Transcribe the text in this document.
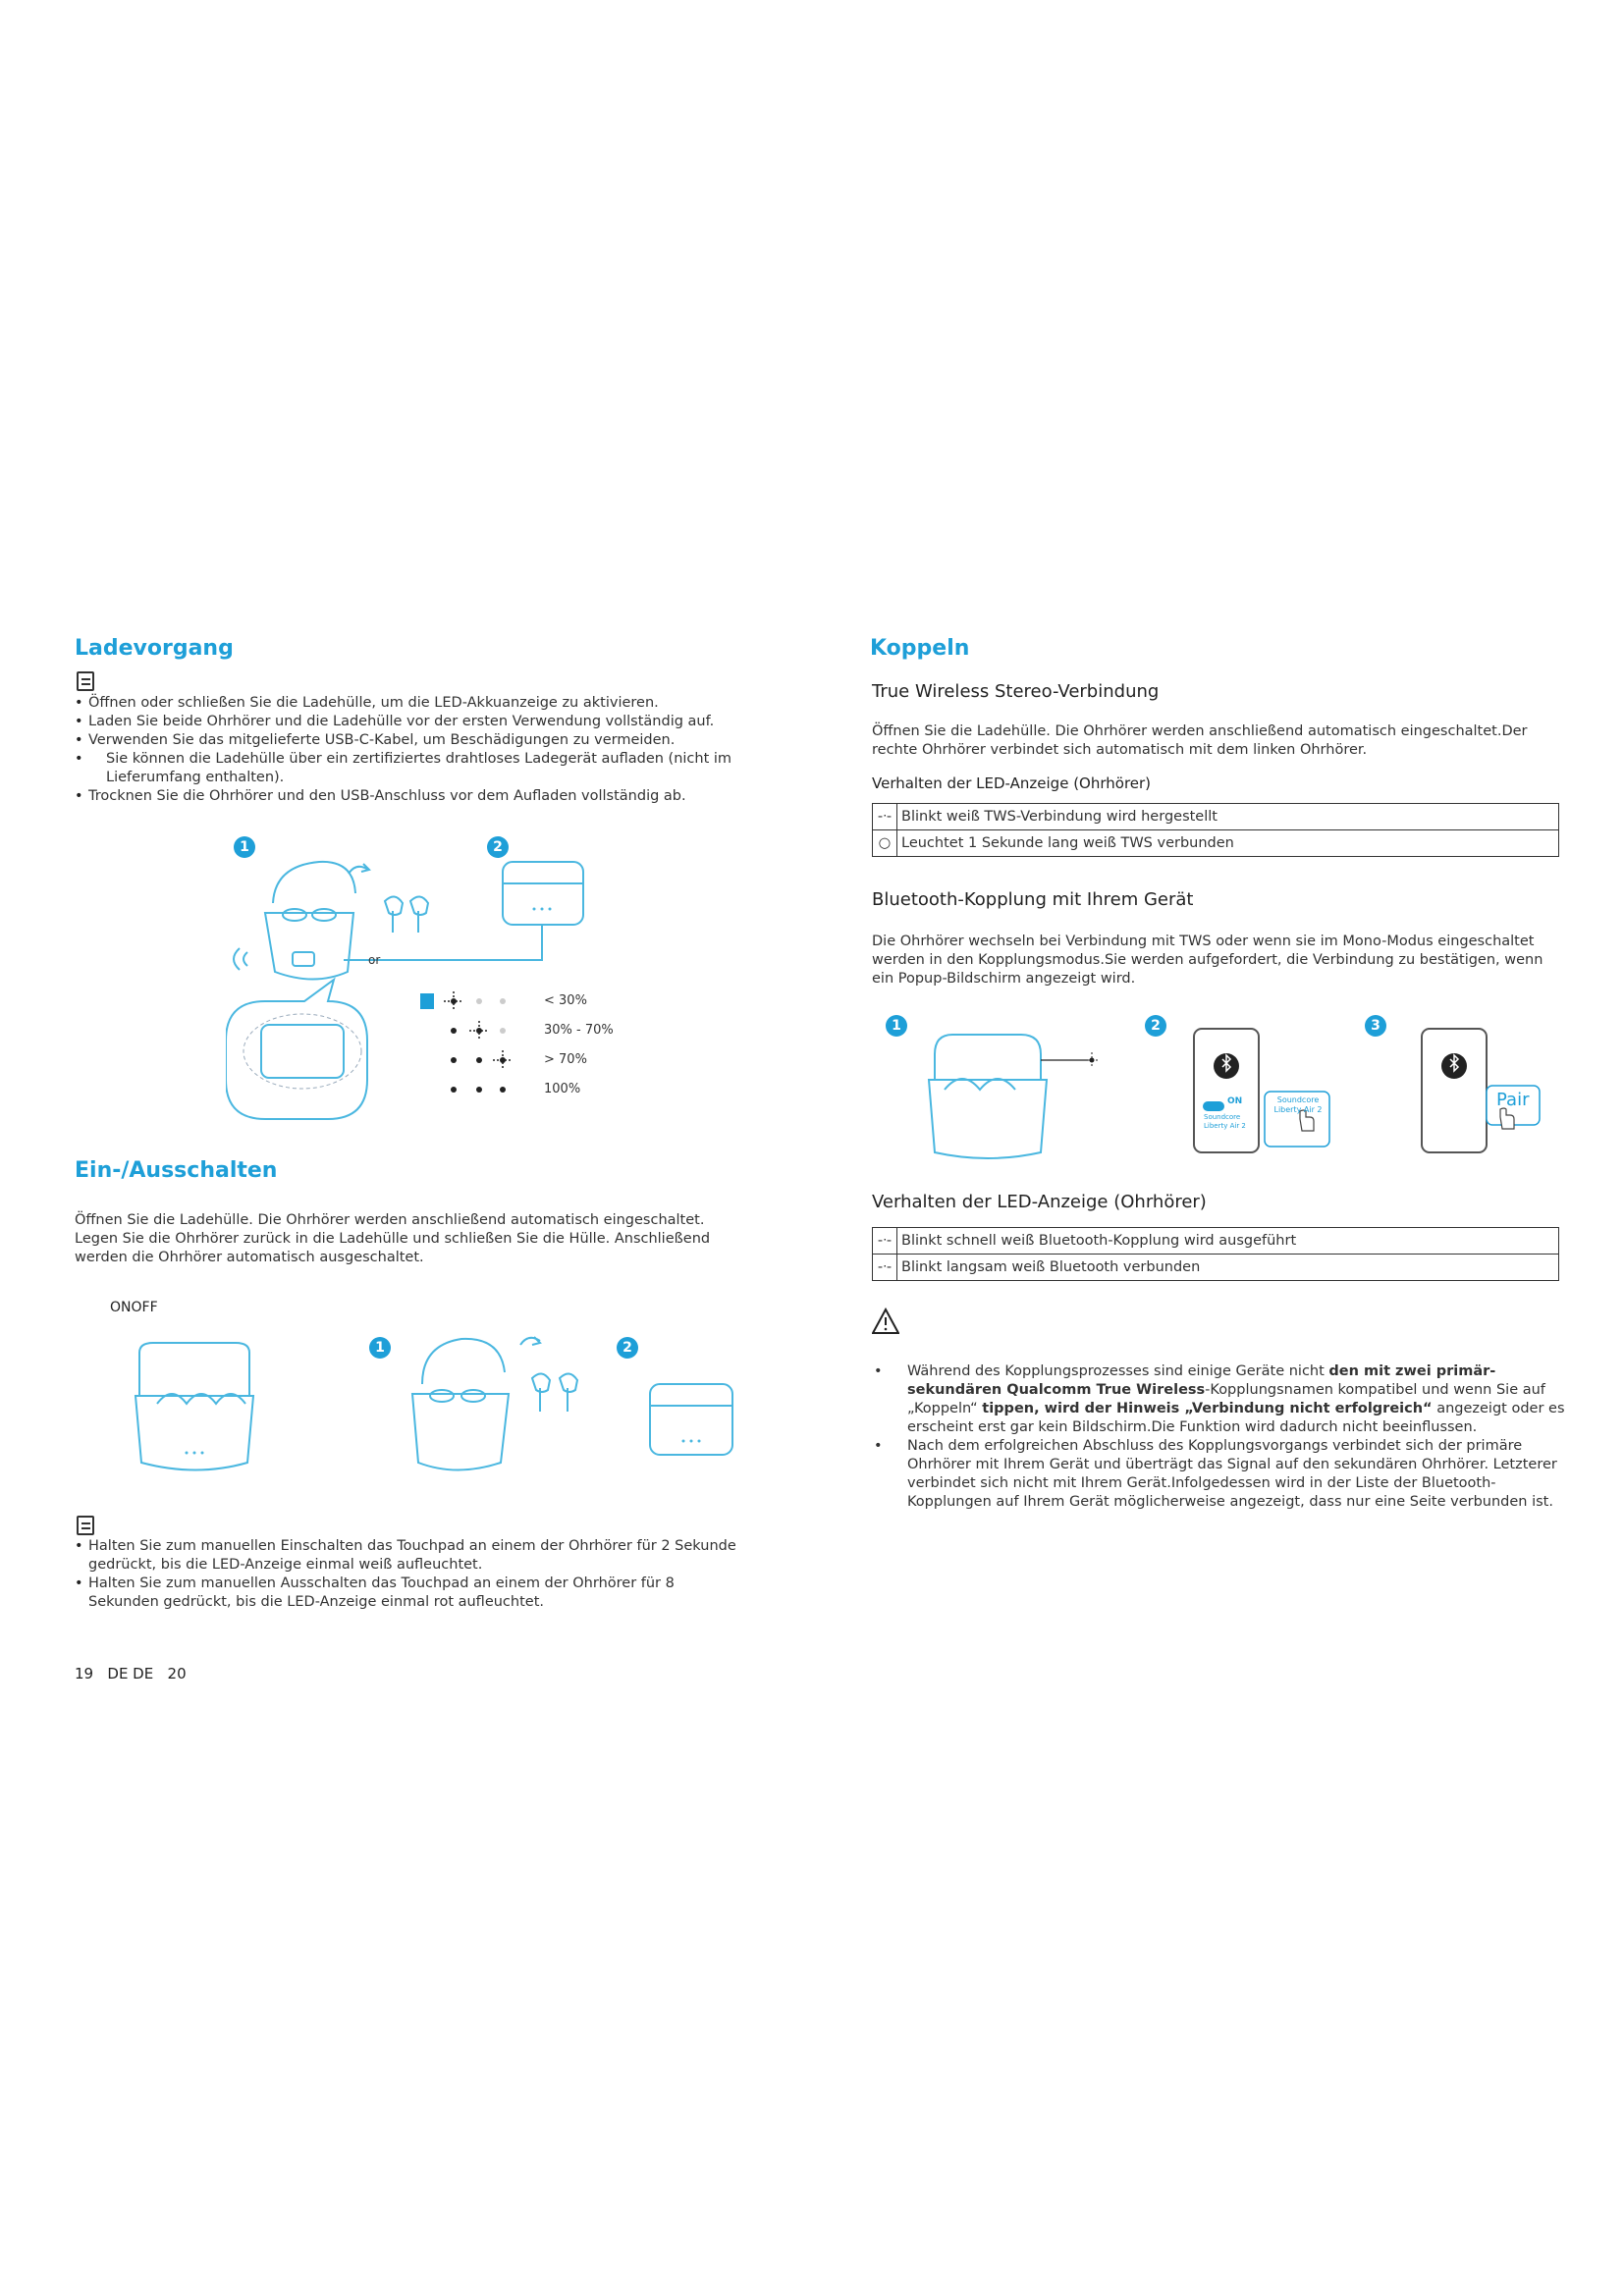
Ladevorgang
• Öffnen oder schließen Sie die Ladehülle, um die LED-Akkuanzeige zu aktivieren.
• Laden Sie beide Ohrhörer und die Ladehülle vor der ersten Verwendung vollständig auf.
• Verwenden Sie das mitgelieferte USB-C-Kabel, um Beschädigungen zu vermeiden.
• Sie können die Ladehülle über ein zertifiziertes drahtloses Ladegerät aufladen (nicht im Lieferumfang enthalten).
• Trocknen Sie die Ohrhörer und den USB-Anschluss vor dem Aufladen vollständig ab.
1	2
or
< 30%
30% - 70%
> 70%
100%
Ein-/Ausschalten
Öffnen Sie die Ladehülle. Die Ohrhörer werden anschließend automatisch eingeschaltet. Legen Sie die Ohrhörer zurück in die Ladehülle und schließen Sie die Hülle. Anschließend werden die Ohrhörer automatisch ausgeschaltet.
ONOFF
1	2
• Halten Sie zum manuellen Einschalten das Touchpad an einem der Ohrhörer für 2 Sekunde gedrückt, bis die LED-Anzeige einmal weiß aufleuchtet.
• Halten Sie zum manuellen Ausschalten das Touchpad an einem der Ohrhörer für 8 Sekunden gedrückt, bis die LED-Anzeige einmal rot aufleuchtet.
19   DE DE   20
Koppeln
True Wireless Stereo-Verbindung
Öffnen Sie die Ladehülle. Die Ohrhörer werden anschließend automatisch eingeschaltet.Der rechte Ohrhörer verbindet sich automatisch mit dem linken Ohrhörer.
Verhalten der LED-Anzeige (Ohrhörer)
-ᐧ-	Blinkt weiß TWS-Verbindung wird hergestellt
○	Leuchtet 1 Sekunde lang weiß TWS verbunden
Bluetooth-Kopplung mit Ihrem Gerät
Die Ohrhörer wechseln bei Verbindung mit TWS oder wenn sie im Mono-Modus eingeschaltet werden in den Kopplungsmodus.Sie werden aufgefordert, die Verbindung zu bestätigen, wenn ein Popup-Bildschirm angezeigt wird.
1	2	3
ON
Soundcore Liberty Air 2
Soundcore Liberty Air 2	Pair
Verhalten der LED-Anzeige (Ohrhörer)
-ᐧ-	Blinkt schnell weiß Bluetooth-Kopplung wird ausgeführt
-ᐧ-	Blinkt langsam weiß Bluetooth verbunden
• Während des Kopplungsprozesses sind einige Geräte nicht den mit zwei primär-sekundären Qualcomm True Wireless-Kopplungsnamen kompatibel und wenn Sie auf „Koppeln“ tippen, wird der Hinweis „Verbindung nicht erfolgreich“ angezeigt oder es erscheint erst gar kein Bildschirm.Die Funktion wird dadurch nicht beeinflussen.
• Nach dem erfolgreichen Abschluss des Kopplungsvorgangs verbindet sich der primäre Ohrhörer mit Ihrem Gerät und überträgt das Signal auf den sekundären Ohrhörer. Letzterer verbindet sich nicht mit Ihrem Gerät.Infolgedessen wird in der Liste der Bluetooth-Kopplungen auf Ihrem Gerät möglicherweise angezeigt, dass nur eine Seite verbunden ist.
